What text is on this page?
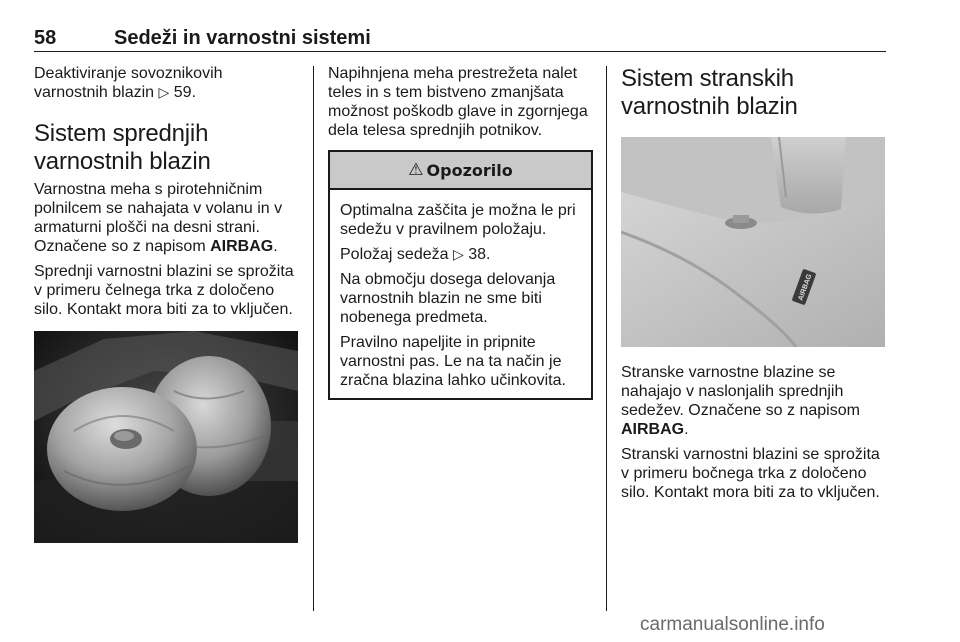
58	Sedeži in varnostni sistemi

Deaktiviranje sovoznikovih
varnostnih blazin ▷ 59.

Sistem sprednjih varnostnih blazin

Varnostna meha s pirotehničnim polnilcem se nahajata v volanu in v armaturni plošči na desni strani. Označene so z napisom AIRBAG.

Sprednji varnostni blazini se sprožita v primeru čelnega trka z določeno silo. Kontakt mora biti za to vključen.

Napihnjena meha prestrežeta nalet teles in s tem bistveno zmanjšata možnost poškodb glave in zgornjega dela telesa sprednjih potnikov.

⚠ Opozorilo

Optimalna zaščita je možna le pri sedežu v pravilnem položaju.

Položaj sedeža ▷ 38.

Na območju dosega delovanja varnostnih blazin ne sme biti nobenega predmeta.

Pravilno napeljite in pripnite varnostni pas. Le na ta način je zračna blazina lahko učinkovita.

Sistem stranskih varnostnih blazin
AIRBAG

Stranske varnostne blazine se nahajajo v naslonjalih sprednjih sedežev. Označene so z napisom AIRBAG.

Stranski varnostni blazini se sprožita v primeru bočnega trka z določeno silo. Kontakt mora biti za to vključen.

carmanualsonline.info
